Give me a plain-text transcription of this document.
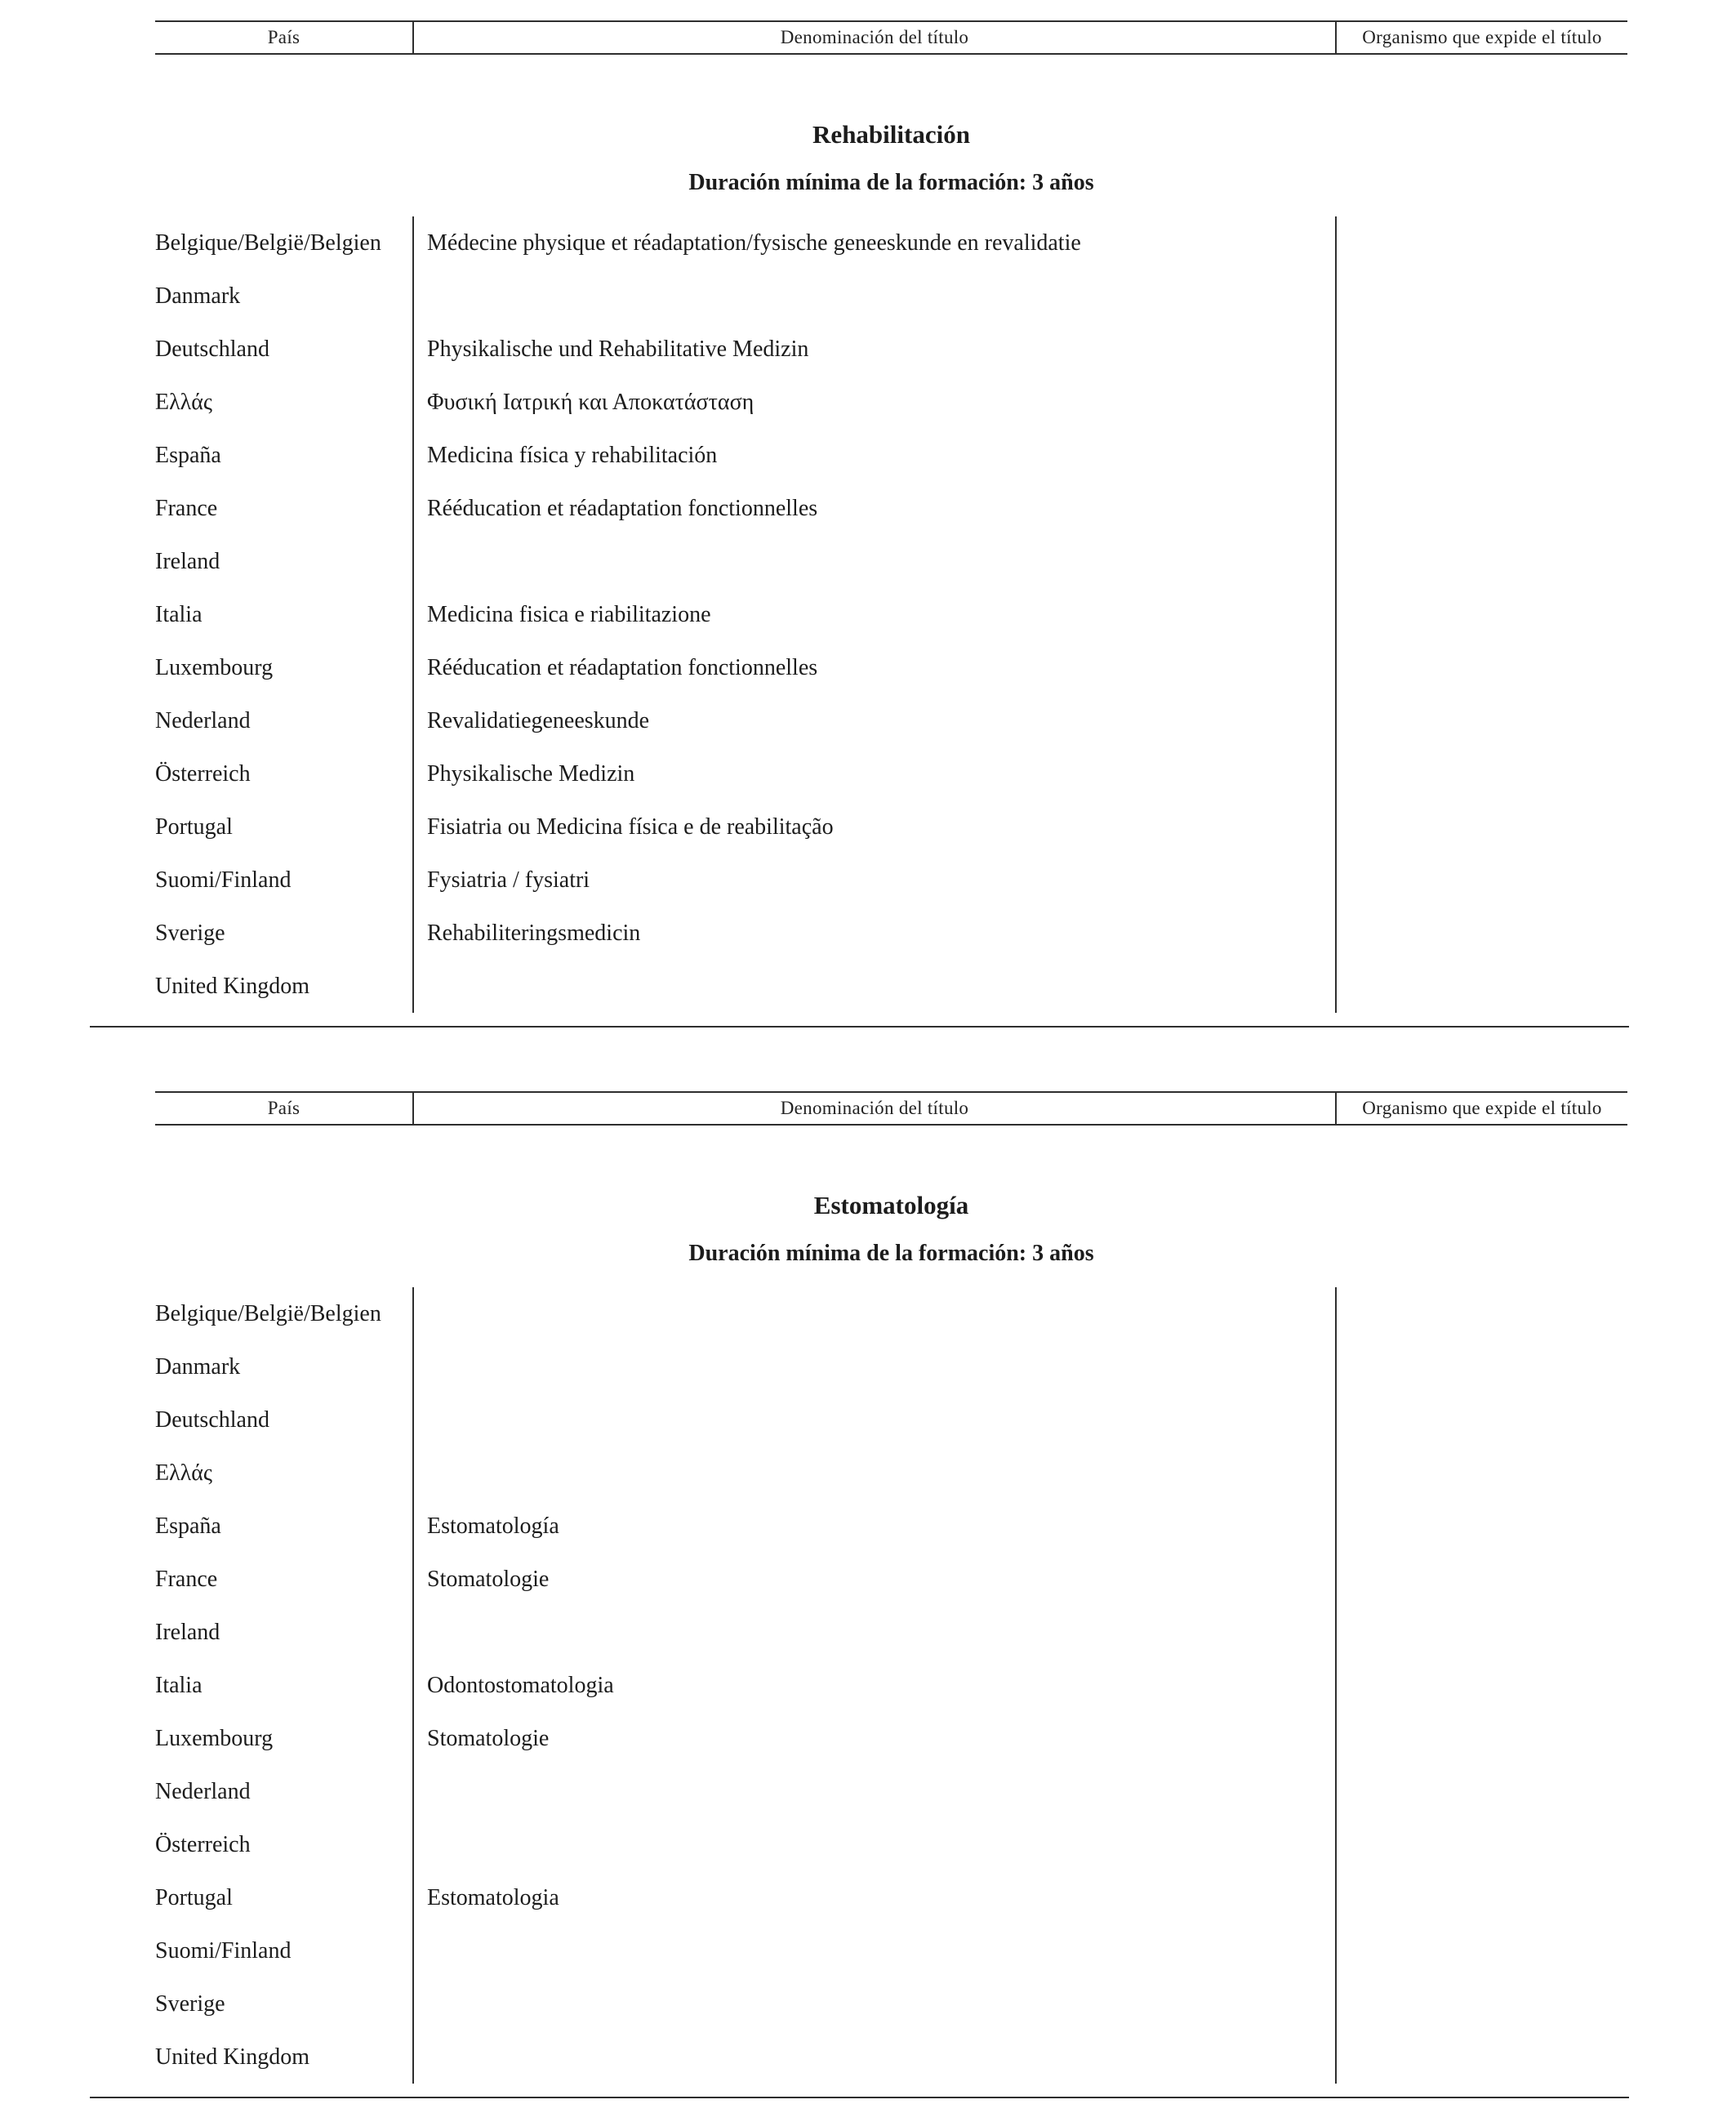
País	Denominación del título	Organismo que expide el título
Rehabilitación
Duración mínima de la formación: 3 años
Belgique/België/Belgien	Médecine physique et réadaptation/fysische geneeskunde en revalidatie
Danmark
Deutschland	Physikalische und Rehabilitative Medizin
Ελλάς	Φυσική Ιατρική και Αποκατάσταση
España	Medicina física y rehabilitación
France	Rééducation et réadaptation fonctionnelles
Ireland
Italia	Medicina fisica e riabilitazione
Luxembourg	Rééducation et réadaptation fonctionnelles
Nederland	Revalidatiegeneeskunde
Österreich	Physikalische Medizin
Portugal	Fisiatria ou Medicina física e de reabilitação
Suomi/Finland	Fysiatria / fysiatri
Sverige	Rehabiliteringsmedicin
United Kingdom
País	Denominación del título	Organismo que expide el título
Estomatología
Duración mínima de la formación: 3 años
Belgique/België/Belgien
Danmark
Deutschland
Ελλάς
España	Estomatología
France	Stomatologie
Ireland
Italia	Odontostomatologia
Luxembourg	Stomatologie
Nederland
Österreich
Portugal	Estomatologia
Suomi/Finland
Sverige
United Kingdom
